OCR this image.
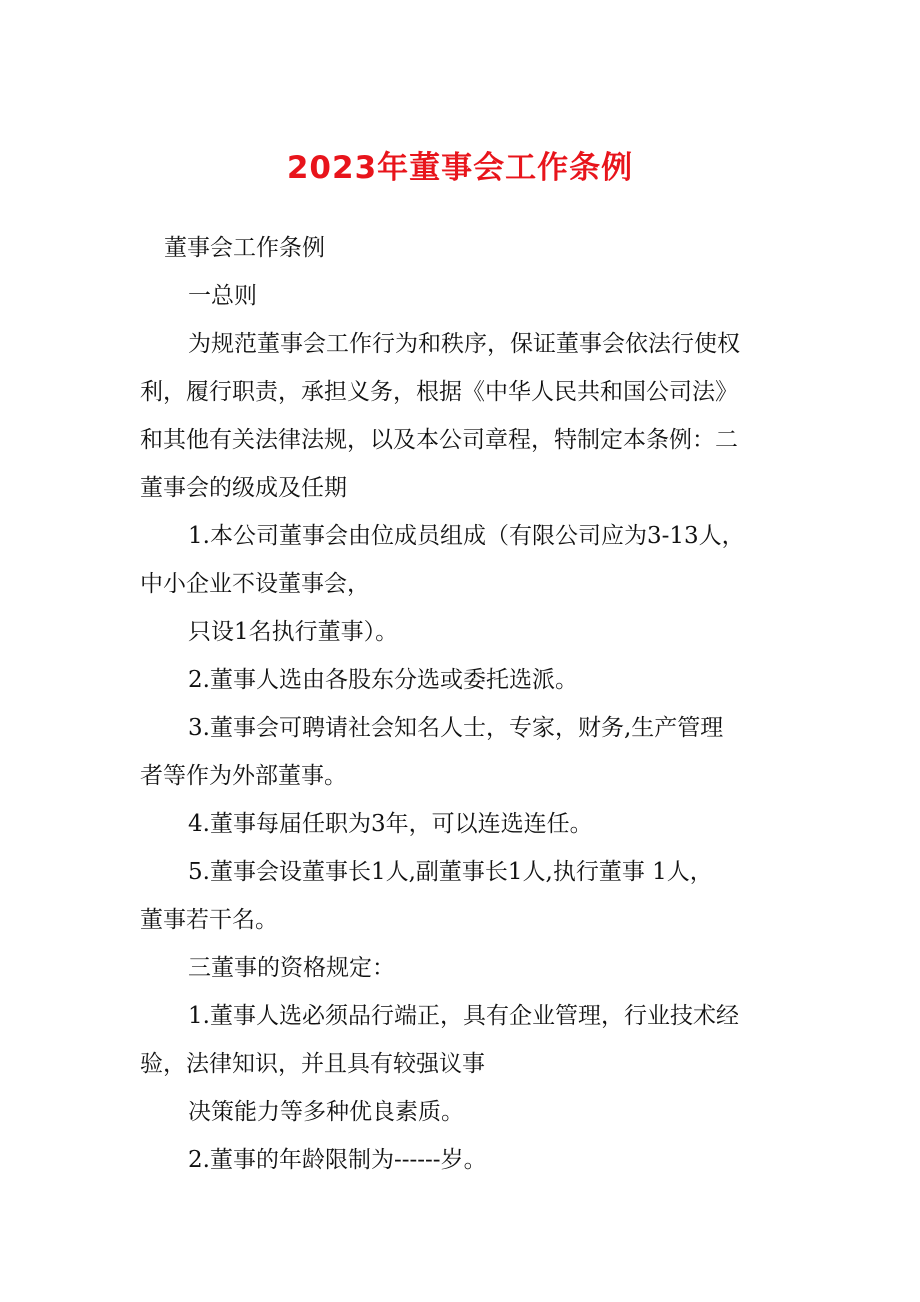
2023年董事会工作条例

董事会工作条例

一总则

为规范董事会工作行为和秩序，保证董事会依法行使权

利，履行职责，承担义务，根据《中华人民共和国公司法》

和其他有关法律法规，以及本公司章程，特制定本条例：二

董事会的级成及任期

1.本公司董事会由位成员组成（有限公司应为3-13人，

中小企业不设董事会，

只设1名执行董事）。

2.董事人选由各股东分选或委托选派。

3.董事会可聘请社会知名人士，专家，财务,生产管理

者等作为外部董事。

4.董事每届任职为3年，可以连选连任。

5.董事会设董事长1人,副董事长1人,执行董事 1人，

董事若干名。

三董事的资格规定：

1.董事人选必须品行端正，具有企业管理，行业技术经

验，法律知识，并且具有较强议事

决策能力等多种优良素质。

2.董事的年龄限制为------岁。
